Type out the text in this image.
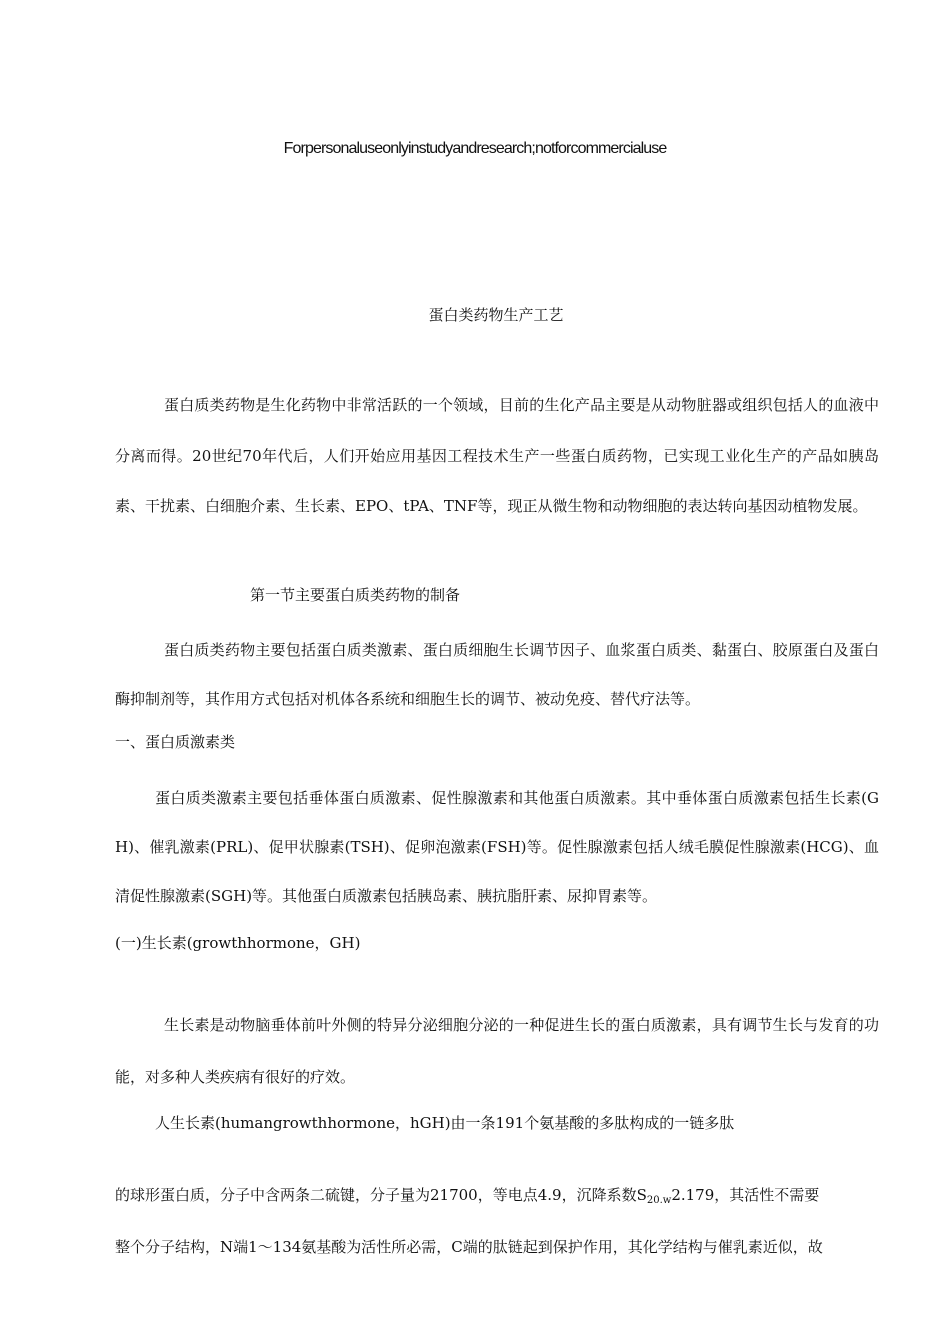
Forpersonaluseonlyinstudyandresearch;notforcommercialuse
蛋白类药物生产工艺
蛋白质类药物是生化药物中非常活跃的一个领域，目前的生化产品主要是从动物脏器或组织包括人的血液中分离而得。20世纪70年代后，人们开始应用基因工程技术生产一些蛋白质药物，已实现工业化生产的产品如胰岛素、干扰素、白细胞介素、生长素、EPO、tPA、TNF等，现正从微生物和动物细胞的表达转向基因动植物发展。
第一节主要蛋白质类药物的制备
蛋白质类药物主要包括蛋白质类激素、蛋白质细胞生长调节因子、血浆蛋白质类、黏蛋白、胶原蛋白及蛋白酶抑制剂等，其作用方式包括对机体各系统和细胞生长的调节、被动免疫、替代疗法等。
一、蛋白质激素类
蛋白质类激素主要包括垂体蛋白质激素、促性腺激素和其他蛋白质激素。其中垂体蛋白质激素包括生长素(GH)、催乳激素(PRL)、促甲状腺素(TSH)、促卵泡激素(FSH)等。促性腺激素包括人绒毛膜促性腺激素(HCG)、血清促性腺激素(SGH)等。其他蛋白质激素包括胰岛素、胰抗脂肝素、尿抑胃素等。
(一)生长素(growthhormone，GH)
生长素是动物脑垂体前叶外侧的特异分泌细胞分泌的一种促进生长的蛋白质激素，具有调节生长与发育的功能，对多种人类疾病有很好的疗效。
人生长素(humangrowthhormone，hGH)由一条191个氨基酸的多肽构成的一链多肽
的球形蛋白质，分子中含两条二硫键，分子量为21700，等电点4.9，沉降系数$S_{20.w}2.179$，其活性不需要
整个分子结构，N端1～134氨基酸为活性所必需，C端的肽链起到保护作用，其化学结构与催乳素近似，故
